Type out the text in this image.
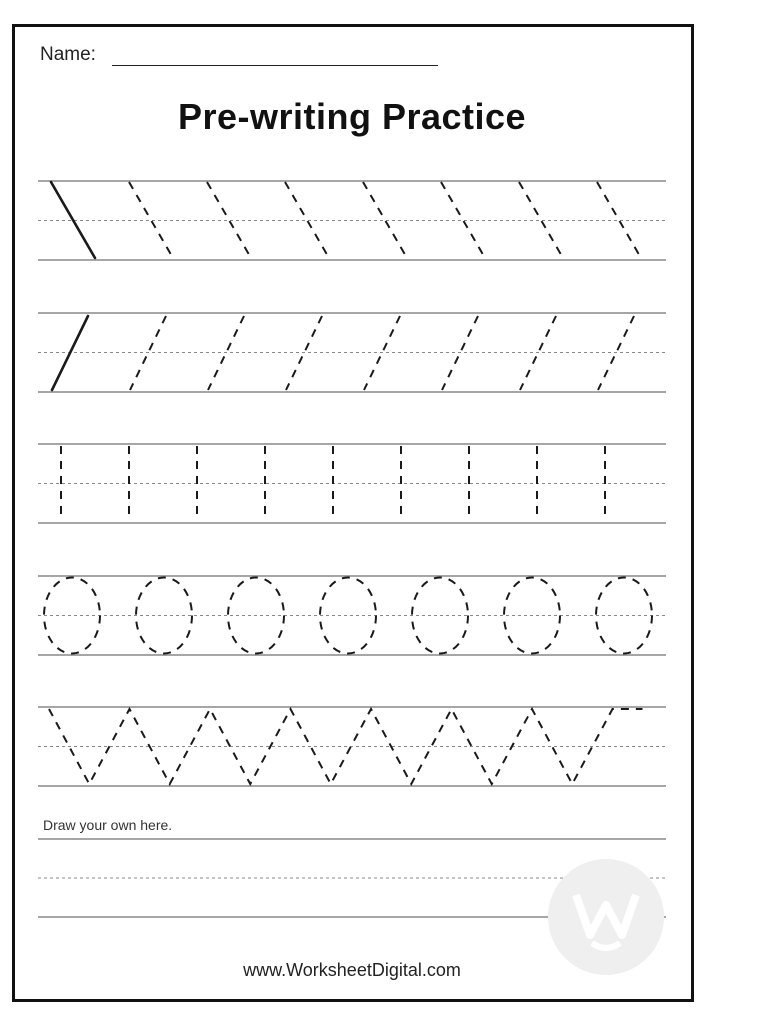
Name:
Pre-writing Practice
Draw your own here.
www.WorksheetDigital.com
